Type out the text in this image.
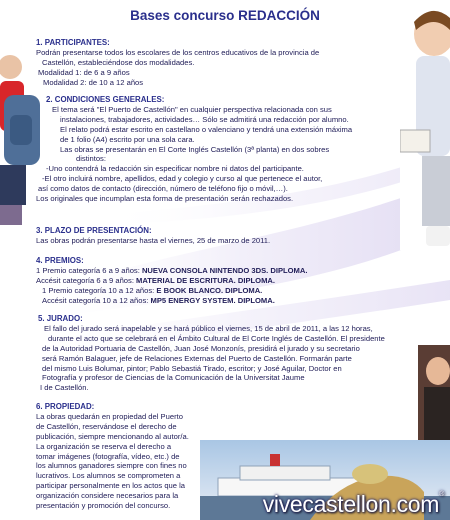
Bases concurso REDACCIÓN

1. PARTICIPANTES:

Podrán presentarse todos los escolares de los centros educativos de la provincia de

Castellón, estableciéndose dos modalidades.

Modalidad 1: de 6 a 9 años

Modalidad 2: de 10 a 12 años

2. CONDICIONES GENERALES:

El tema será "El Puerto de Castellón" en cualquier perspectiva relacionada con sus

instalaciones, trabajadores, actividades… Sólo se admitirá una redacción por alumno.

El relato podrá estar escrito en castellano o valenciano y tendrá una extensión máxima

de 1 folio (A4) escrito por una sola cara.

Las obras se presentarán en El Corte Inglés Castellón (3ª planta) en dos sobres

distintos:

-Uno contendrá la redacción sin especificar nombre ni datos del participante.

-El otro incluirá nombre, apellidos, edad y colegio y curso al que pertenece el autor,

así como datos de contacto (dirección, número de teléfono fijo o móvil,…).

Los originales que incumplan esta forma de presentación serán rechazados.

3. PLAZO DE PRESENTACIÓN:

Las obras podrán presentarse hasta el viernes, 25 de marzo de 2011.

4. PREMIOS:

1 Premio categoría 6 a 9 años: NUEVA CONSOLA NINTENDO 3DS. DIPLOMA.

Accésit categoría 6 a 9 años: MATERIAL DE ESCRITURA. DIPLOMA.

1 Premio categoría 10 a 12 años: E BOOK BLANCO. DIPLOMA.

Accésit categoría 10 a 12 años: MP5 ENERGY SYSTEM. DIPLOMA.

5. JURADO:

El fallo del jurado será inapelable y se hará público el viernes, 15 de abril de 2011, a las 12 horas,

durante el acto que se celebrará en el Ámbito Cultural de El Corte Inglés de Castellón. El presidente

de la Autoridad Portuaria de Castellón, Juan José Monzonís, presidirá el jurado y su secretario

será Ramón Balaguer, jefe de Relaciones Externas del Puerto de Castellón. Formarán parte

del mismo Luis Bolumar, pintor; Pablo Sebastiá Tirado, escritor; y José Aguilar, Doctor en

Fotografía y profesor de Ciencias de la Comunicación de la Universitat Jaume

I de Castellón.

6. PROPIEDAD:

La obras quedarán en propiedad del Puerto

de Castellón, reservándose el derecho de

publicación, siempre mencionando al autor/a.

La organización se reserva el derecho a

tomar imágenes (fotografía, vídeo, etc.) de

los alumnos ganadores siempre con fines no

lucrativos. Los alumnos se comprometen a

participar personalmente en los actos que la

organización considere necesarios para la

presentación y promoción del concurso.	vivecastellon.com®
